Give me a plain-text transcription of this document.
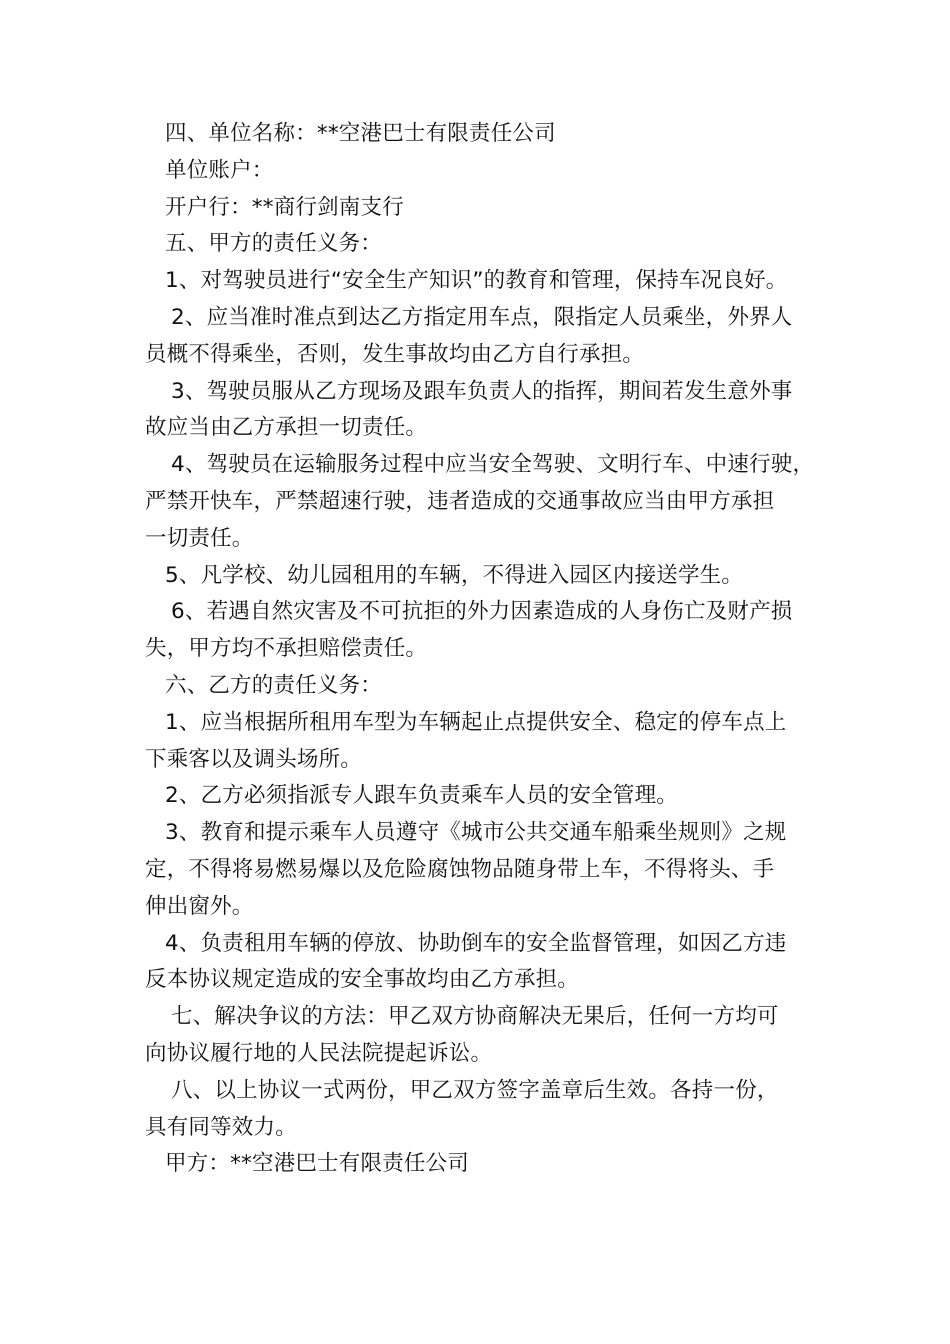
四、单位名称：**空港巴士有限责任公司

单位账户：

开户行：**商行剑南支行

五、甲方的责任义务：

1、对驾驶员进行“安全生产知识”的教育和管理，保持车况良好。

2、应当准时准点到达乙方指定用车点，限指定人员乘坐，外界人

员概不得乘坐，否则，发生事故均由乙方自行承担。

3、驾驶员服从乙方现场及跟车负责人的指挥，期间若发生意外事

故应当由乙方承担一切责任。

4、驾驶员在运输服务过程中应当安全驾驶、文明行车、中速行驶，

严禁开快车，严禁超速行驶，违者造成的交通事故应当由甲方承担

一切责任。

5、凡学校、幼儿园租用的车辆，不得进入园区内接送学生。

6、若遇自然灾害及不可抗拒的外力因素造成的人身伤亡及财产损

失，甲方均不承担赔偿责任。

六、乙方的责任义务：

1、应当根据所租用车型为车辆起止点提供安全、稳定的停车点上

下乘客以及调头场所。

2、乙方必须指派专人跟车负责乘车人员的安全管理。

3、教育和提示乘车人员遵守《城市公共交通车船乘坐规则》之规

定，不得将易燃易爆以及危险腐蚀物品随身带上车，不得将头、手

伸出窗外。

4、负责租用车辆的停放、协助倒车的安全监督管理，如因乙方违

反本协议规定造成的安全事故均由乙方承担。

七、解决争议的方法：甲乙双方协商解决无果后，任何一方均可

向协议履行地的人民法院提起诉讼。

八、以上协议一式两份，甲乙双方签字盖章后生效。各持一份，

具有同等效力。

甲方：**空港巴士有限责任公司
